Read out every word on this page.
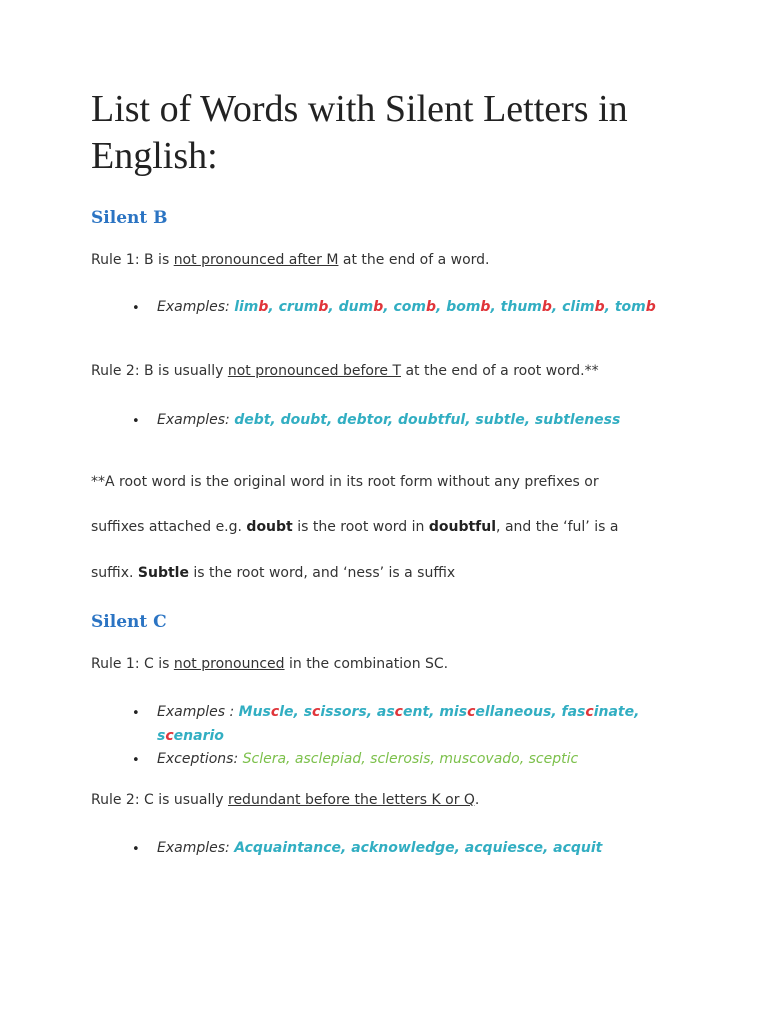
List of Words with Silent Letters in English:
Silent B

Rule 1: B is not pronounced after M at the end of a word.

• Examples: limb, crumb, dumb, comb, bomb, thumb, climb, tomb

Rule 2: B is usually not pronounced before T at the end of a root word.**

• Examples: debt, doubt, debtor, doubtful, subtle, subtleness

**A root word is the original word in its root form without any prefixes or

suffixes attached e.g. doubt is the root word in doubtful, and the ‘ful’ is a

suffix. Subtle is the root word, and ‘ness’ is a suffix

Silent C

Rule 1: C is not pronounced in the combination SC.

• Examples : Muscle, scissors, ascent, miscellaneous, fascinate, scenario

• Exceptions: Sclera, asclepiad, sclerosis, muscovado, sceptic

Rule 2: C is usually redundant before the letters K or Q.

• Examples: Acquaintance, acknowledge, acquiesce, acquit
